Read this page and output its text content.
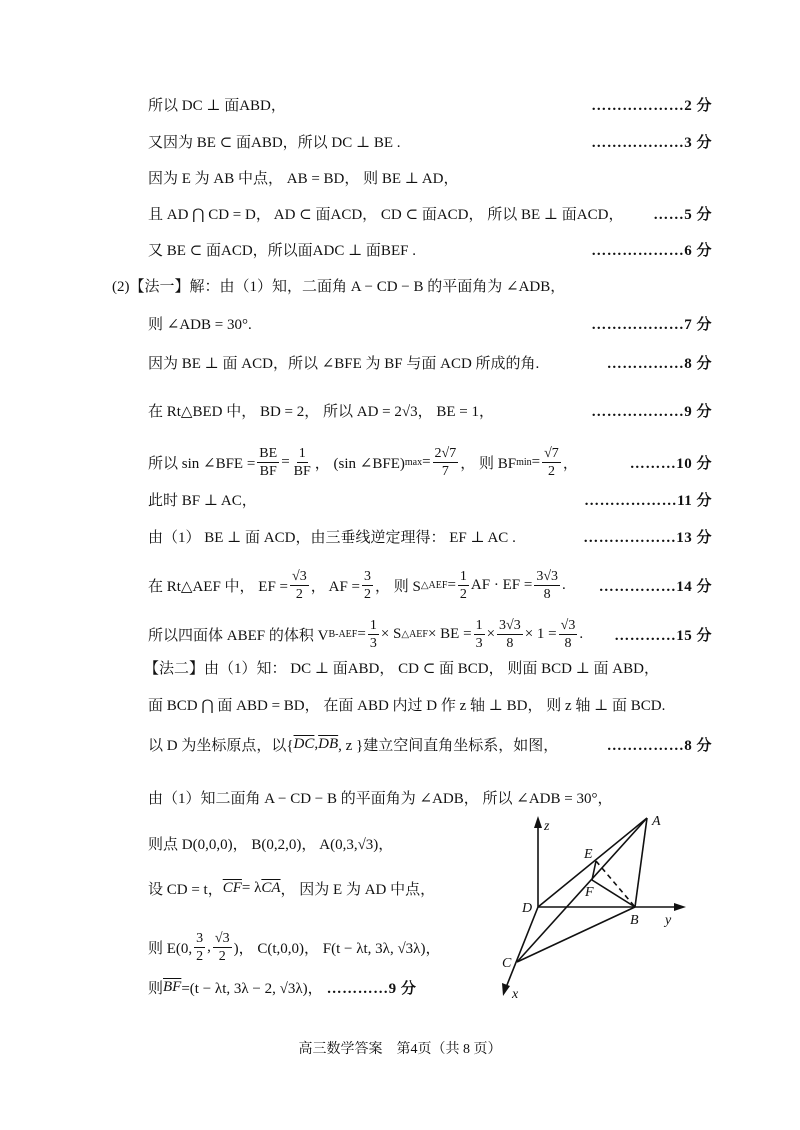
所以 DC ⊥ 面ABD，	………………2 分
又因为 BE ⊂ 面ABD，所以 DC ⊥ BE .	………………3 分
因为 E 为 AB 中点， AB = BD， 则 BE ⊥ AD，
且 AD ⋂ CD = D， AD ⊂ 面ACD， CD ⊂ 面ACD， 所以 BE ⊥ 面ACD， ……5 分
又 BE ⊂ 面ACD，所以面ADC ⊥ 面BEF .	………………6 分
(2)【法一】解：由（1）知，二面角 A − CD − B 的平面角为 ∠ADB，
则 ∠ADB = 30°.	………………7 分
因为 BE ⊥ 面 ACD，所以 ∠BFE 为 BF 与面 ACD 所成的角.	……………8 分
在 Rt△BED 中， BD = 2， 所以 AD = 2√3， BE = 1，	………………9 分
所以 sin ∠BFE = $\frac{BE}{BF} = \frac{1}{BF}$ ， (sin ∠BFE) $\max = \frac{2√7}{7}$ ， 则 BF $\min = \frac{√7}{2}$ ，	………10 分
此时 BF ⊥ AC，	………………11 分
由（1） BE ⊥ 面 ACD，由三垂线逆定理得： EF ⊥ AC .	………………13 分
在 Rt△AEF 中， EF = $\frac{√3}{2}$ ， AF = $\frac{3}{2}$ ， 则 S △AEF = $\frac{1}{2}$ AF · EF = $\frac{3√3}{8}$ . ……………14 分
所以四面体 ABEF 的体积 V $B-AEF = \frac{1}{3} \times S$ △AEF × BE = $\frac{1}{3} \times \frac{3√3}{8} \times 1 = \frac{√3}{8}$ . …………15 分
【法二】由（1）知： DC ⊥ 面ABD， CD ⊂ 面 BCD， 则面 BCD ⊥ 面 ABD，
面 BCD ⋂ 面 ABD = BD， 在面 ABD 内过 D 作 z 轴 ⊥ BD， 则 z 轴 ⊥ 面 BCD.
以 D 为坐标原点，以{ $\overline{DC}$ , $\overline{DB}$ , z }建立空间直角坐标系，如图，	……………8 分
由（1）知二面角 A − CD − B 的平面角为 ∠ADB， 所以 ∠ADB = 30°，
则点 D(0,0,0)， B(0,2,0)， A(0,3,√3)，
设 CD = t， $\overline{CF} = \lambda$ $\overline{CA}$ ， 因为 E 为 AD 中点，
则 E(0, $\frac{3}{2}$ , $\frac{√3}{2}$ )， C(t,0,0)， F(t − λt, 3λ, √3λ)，
则 $\overline{BF} =(t - \lambda t$, 3λ − 2, √3λ)， …………9 分
z	A
E
F
D
B y
C
x
高三数学答案　第4页（共 8 页）
